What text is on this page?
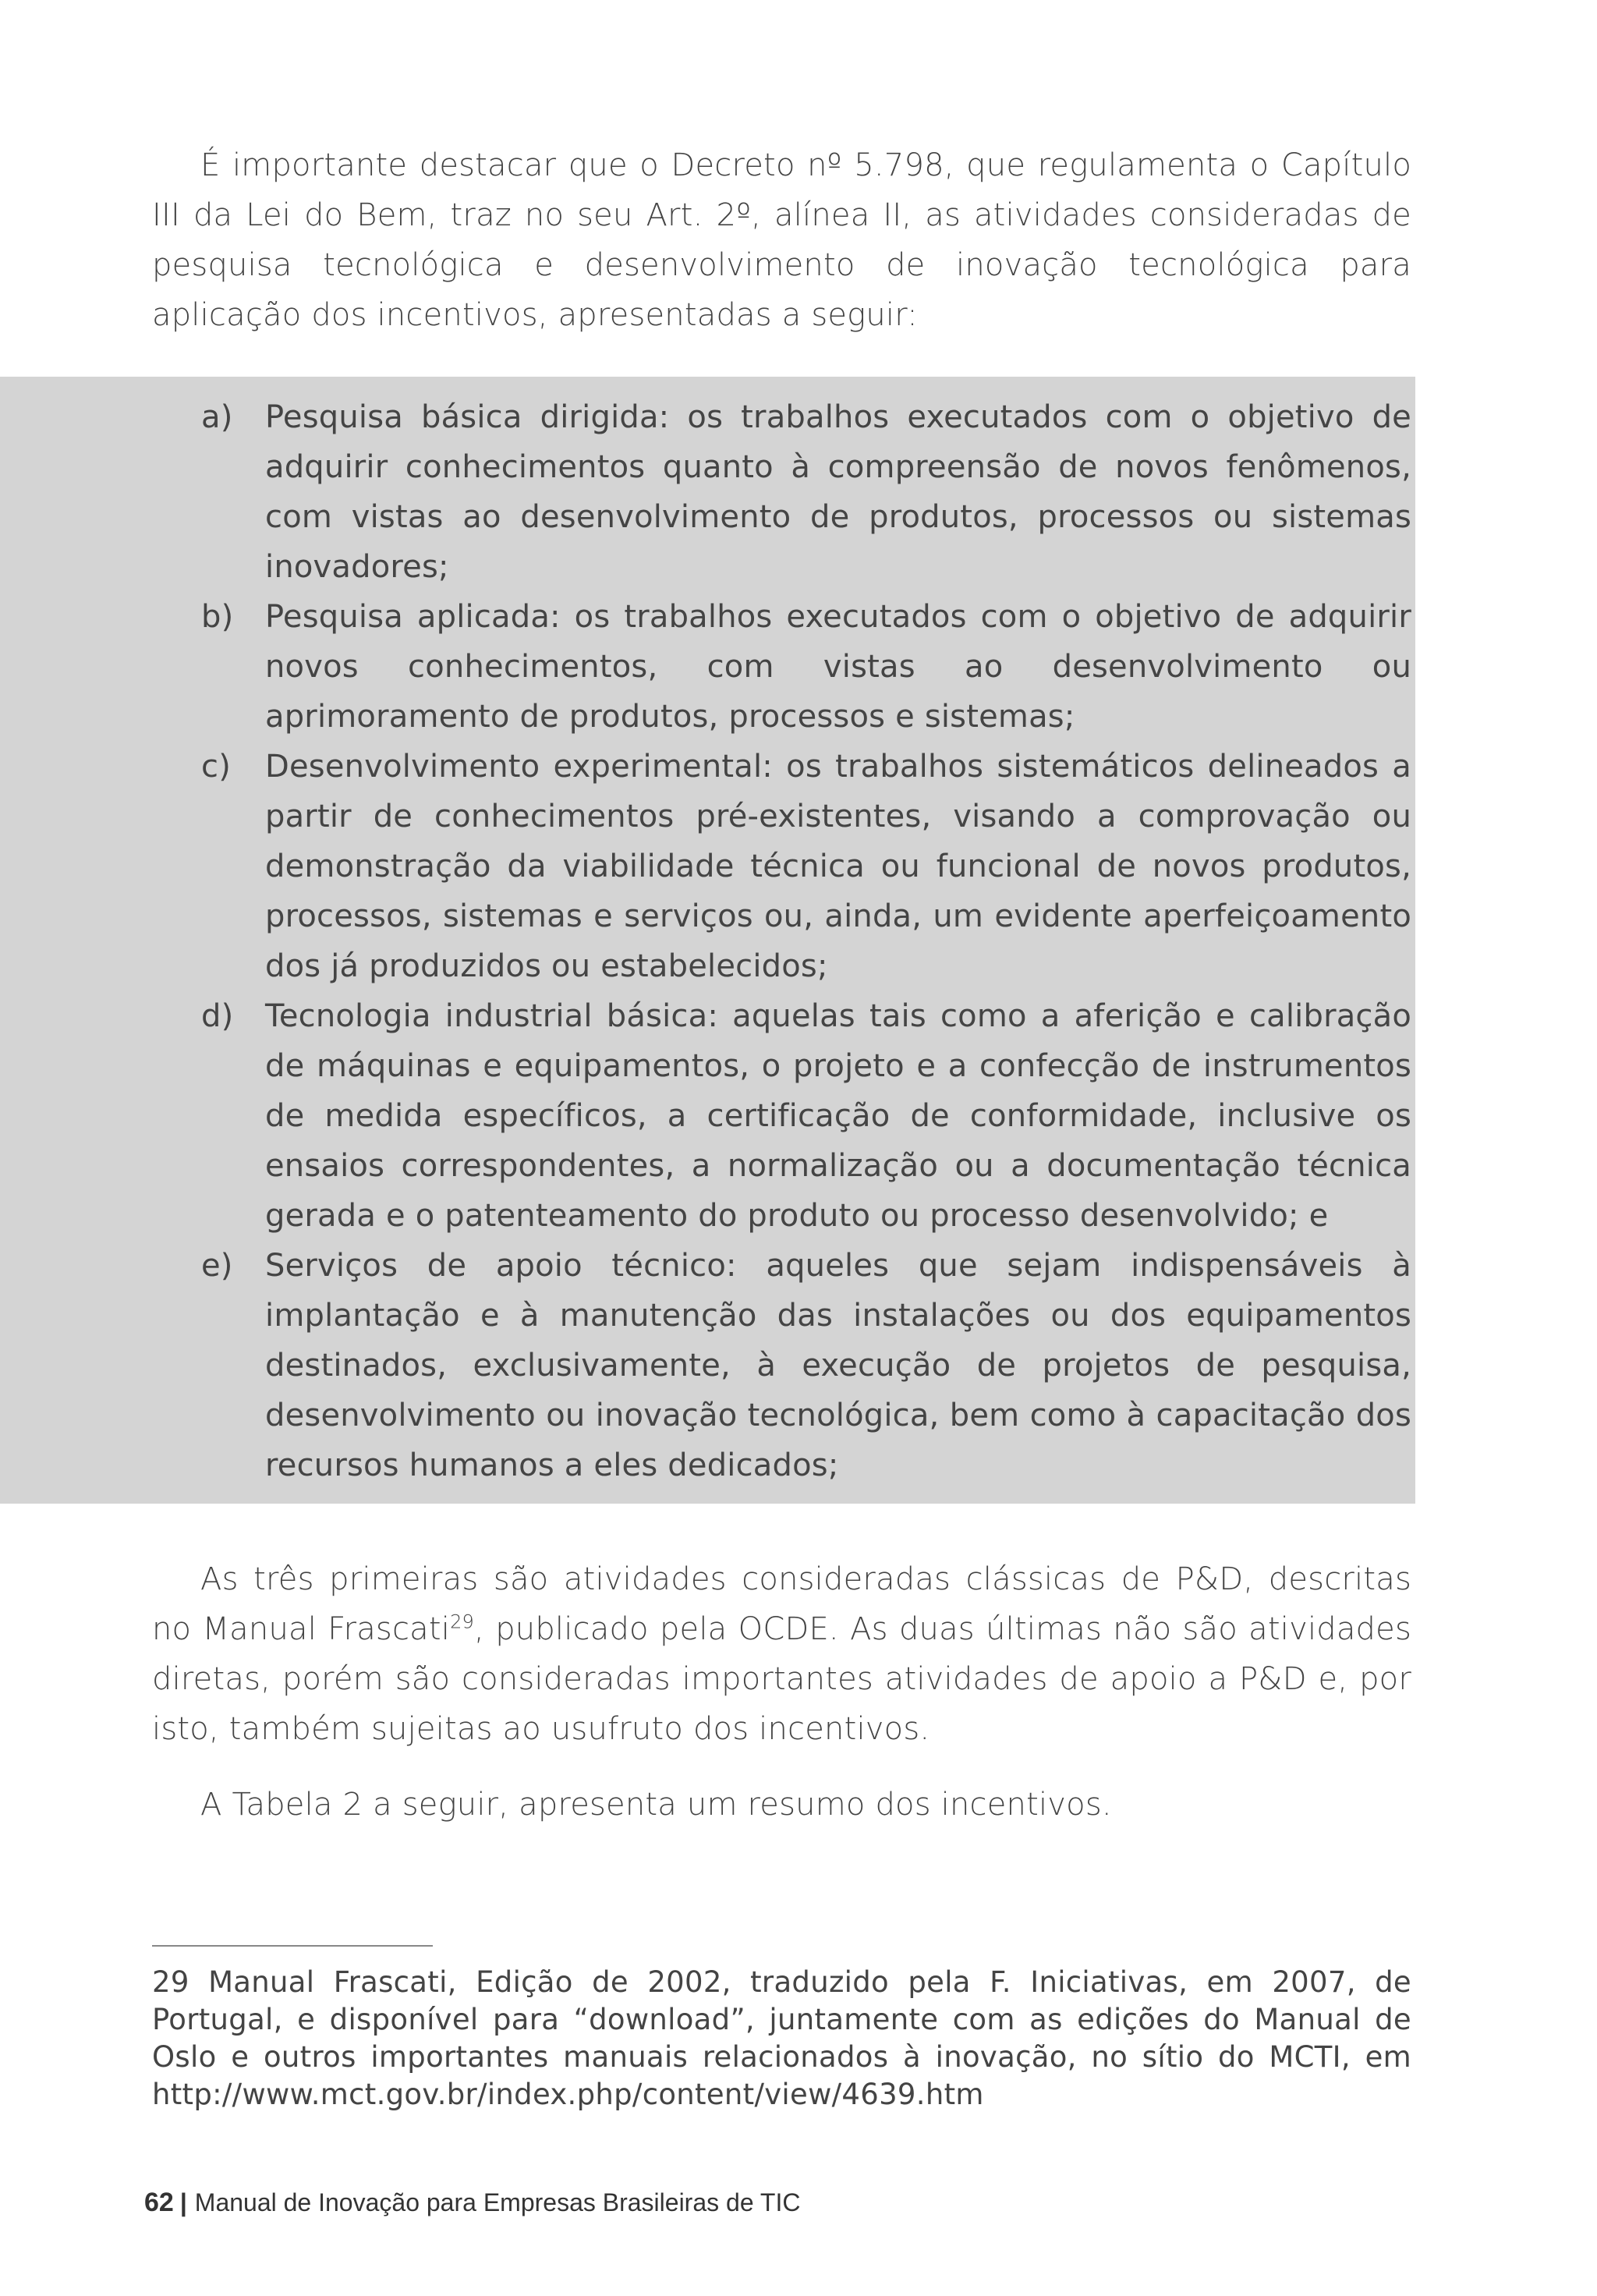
É importante destacar que o Decreto nº 5.798, que regulamenta o Capítulo III da Lei do Bem, traz no seu Art. 2º, alínea II, as atividades consideradas de pesquisa tecnológica e desenvolvimento de inovação tecnológica para aplicação dos incentivos, apresentadas a seguir:

a) Pesquisa básica dirigida: os trabalhos executados com o objetivo de adquirir conhecimentos quanto à compreensão de novos fenômenos, com vistas ao desenvolvimento de produtos, processos ou sistemas inovadores;
b) Pesquisa aplicada: os trabalhos executados com o objetivo de adquirir novos conhecimentos, com vistas ao desenvolvimento ou aprimoramento de produtos, processos e sistemas;
c) Desenvolvimento experimental: os trabalhos sistemáticos delineados a partir de conhecimentos pré-existentes, visando a comprovação ou demonstração da viabilidade técnica ou funcional de novos produtos, processos, sistemas e serviços ou, ainda, um evidente aperfeiçoamento dos já produzidos ou estabelecidos;
d) Tecnologia industrial básica: aquelas tais como a aferição e calibração de máquinas e equipamentos, o projeto e a confecção de instrumentos de medida específicos, a certificação de conformidade, inclusive os ensaios correspondentes, a normalização ou a documentação técnica gerada e o patenteamento do produto ou processo desenvolvido; e
e) Serviços de apoio técnico: aqueles que sejam indispensáveis à implantação e à manutenção das instalações ou dos equipamentos destinados, exclusivamente, à execução de projetos de pesquisa, desenvolvimento ou inovação tecnológica, bem como à capacitação dos recursos humanos a eles dedicados;

As três primeiras são atividades consideradas clássicas de P&D, descritas no Manual Frascati$^{29}$, publicado pela OCDE. As duas últimas não são atividades diretas, porém são consideradas importantes atividades de apoio a P&D e, por isto, também sujeitas ao usufruto dos incentivos.

A Tabela 2 a seguir, apresenta um resumo dos incentivos.

29 Manual Frascati, Edição de 2002, traduzido pela F. Iniciativas, em 2007, de Portugal, e disponível para “download”, juntamente com as edições do Manual de Oslo e outros importantes manuais relacionados à inovação, no sítio do MCTI, em http://www.mct.gov.br/index.php/content/view/4639.htm

62 | Manual de Inovação para Empresas Brasileiras de TIC
